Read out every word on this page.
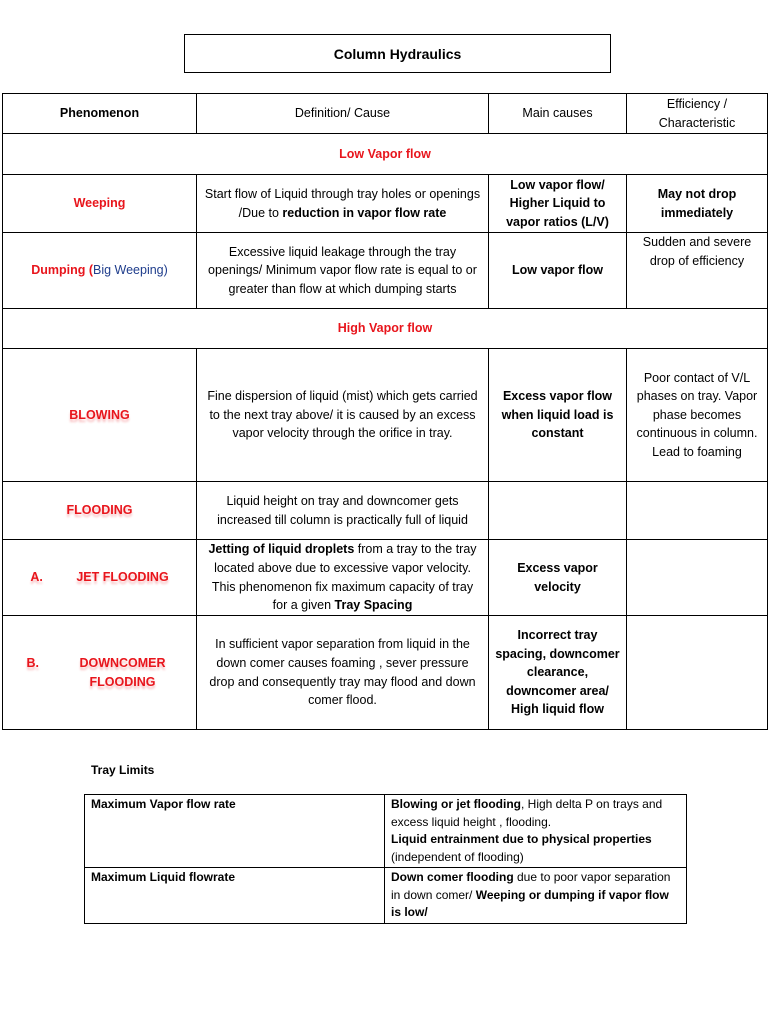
Column Hydraulics
Phenomenon	Definition/ Cause	Main causes	Efficiency / Characteristic
Low Vapor flow			
Weeping	Start flow of Liquid through tray holes or openings /Due to reduction in vapor flow rate	Low vapor flow/ Higher Liquid to vapor ratios (L/V)	May not drop immediately
Dumping (Big Weeping)	Excessive liquid leakage through the tray openings/ Minimum vapor flow rate is equal to or greater than flow at which dumping starts	Low vapor flow	Sudden and severe drop of efficiency
High Vapor flow			
BLOWING	Fine dispersion of liquid (mist) which gets carried to the next tray above/ it is caused by an excess vapor velocity through the orifice in tray.	Excess vapor flow when liquid load is constant	Poor contact of V/L phases on tray. Vapor phase becomes continuous in column. Lead to foaming
FLOODING	Liquid height on tray and downcomer gets increased till column is practically full of liquid		

A. JET FLOODING	Jetting of liquid droplets from a tray to the tray located above due to excessive vapor velocity. This phenomenon fix maximum capacity of tray for a given Tray Spacing	Excess vapor velocity	

B. DOWNCOMER FLOODING	In sufficient vapor separation from liquid in the down comer causes foaming , sever pressure drop and consequently tray may flood and down comer flood.	Incorrect tray spacing, downcomer clearance, downcomer area/ High liquid flow	
Tray Limits
Maximum Vapor flow rate	Blowing or jet flooding, High delta P on trays and excess liquid height , flooding.
Liquid entrainment due to physical properties
(independent of flooding)
Maximum Liquid flowrate	Down comer flooding due to poor vapor separation in down comer/ Weeping or dumping if vapor flow is low/
